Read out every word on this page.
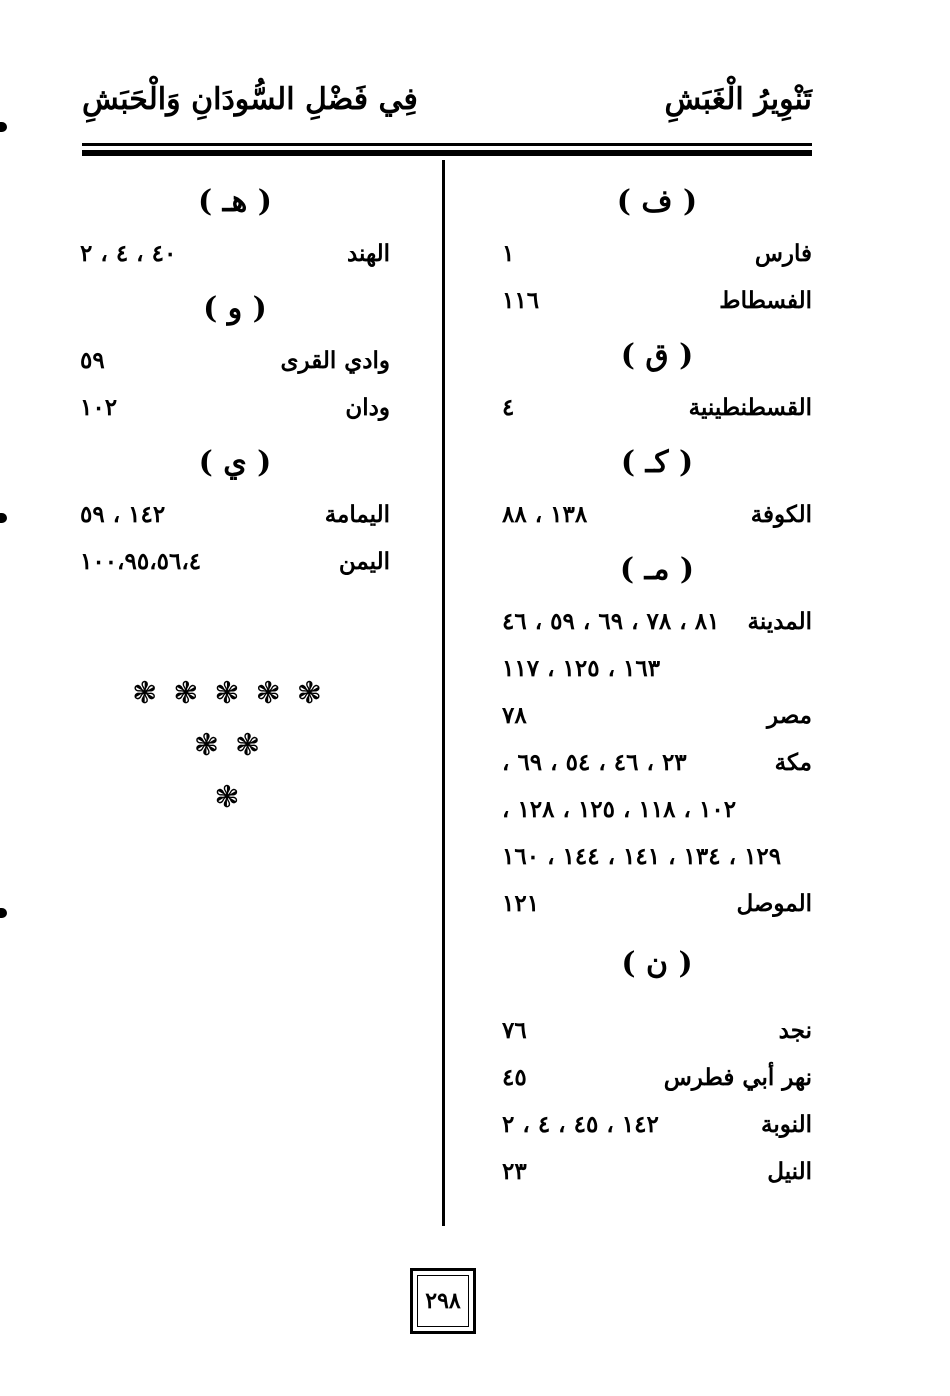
تَنْوِيرُ الْغَبَشِ
فِي فَضْلِ السُّودَانِ وَالْحَبَشِ
( ف )
فارس
١
الفسطاط
١١٦
( ق )
القسطنطينية
٤
( كـ )
الكوفة
١٣٨ ، ٨٨
( مـ )
المدينة
٨١ ، ٧٨ ، ٦٩ ، ٥٩ ، ٤٦
١٦٣ ، ١٢٥ ، ١١٧
مصر
٧٨
مكة
٢٣ ، ٤٦ ، ٥٤ ، ٦٩ ،
١٠٢ ، ١١٨ ، ١٢٥ ، ١٢٨ ،
١٢٩ ، ١٣٤ ، ١٤١ ، ١٤٤ ، ١٦٠
الموصل
١٢١
( ن )
نجد
٧٦
نهر أبي فطرس
٤٥
النوبة
١٤٢ ، ٤٥ ، ٤ ، ٢
النيل
٢٣
( هـ )
الهند
٤٠ ، ٤ ، ٢
( و )
وادي القرى
٥٩
ودان
١٠٢
( ي )
اليمامة
١٤٢ ، ٥٩
اليمن
١٠٠،٩٥،٥٦،٤
❃❃❃❃❃
❃❃
❃
٢٩٨
